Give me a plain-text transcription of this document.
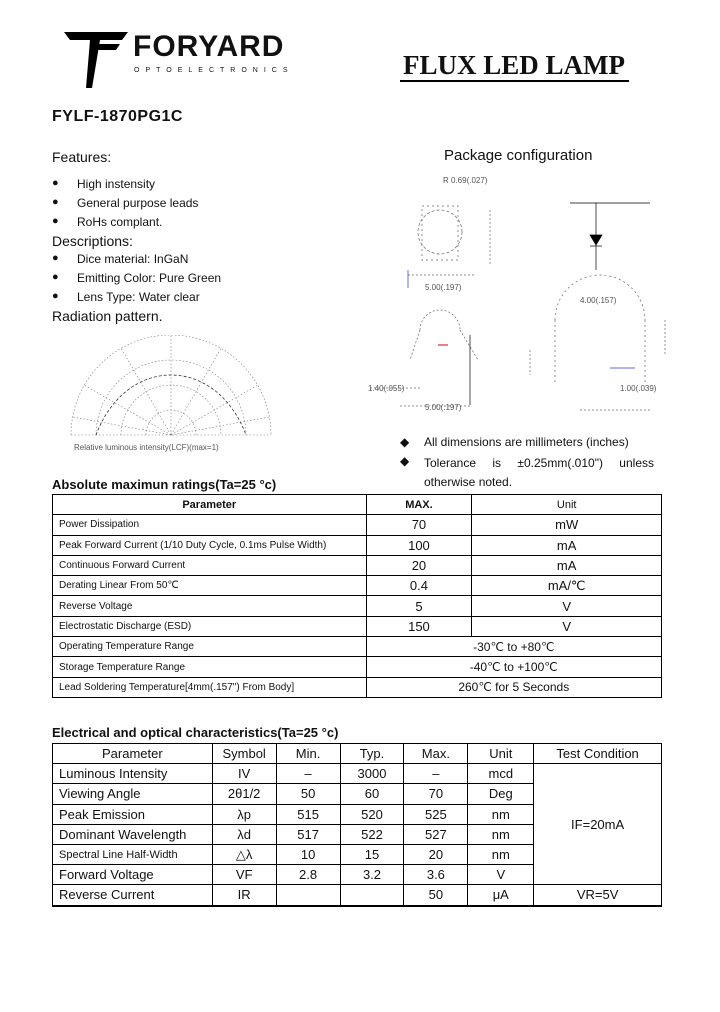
FORYARD
OPTOELECTRONICS	FLUX LED LAMP
FYLF-1870PG1C
Features:
● High instensity
● General purpose leads
● RoHs complant.
Descriptions:
● Dice material: InGaN
● Emitting Color: Pure Green
● Lens Type: Water clear
Radiation pattern.
Relative luminous intensity(LCF)(max=1)
Package configuration
R 0.69(.027)
5.00(.197)
4.00(.157)
1.40(.055)	1.00(.039)
5.00(.197)
◆ All dimensions are millimeters (inches)
◆ Tolerance is ±0.25mm(.010") unless otherwise noted.
Absolute maximun ratings(Ta=25 °c)
Parameter	MAX.	Unit
Power Dissipation	70	mW
Peak Forward Current (1/10 Duty Cycle, 0.1ms Pulse Width)	100	mA
Continuous Forward Current	20	mA
Derating Linear From 50℃	0.4	mA/℃
Reverse Voltage	5	V
Electrostatic Discharge (ESD)	150	V
Operating Temperature Range	-30℃ to +80℃	
Storage Temperature Range	-40℃ to +100℃	
Lead Soldering Temperature[4mm(.157") From Body]	260℃ for 5 Seconds	
Electrical and optical characteristics(Ta=25 °c)
Parameter	Symbol	Min.	Typ.	Max.	Unit	Test Condition
Luminous Intensity	IV	–	3000	–	mcd	IF=20mA
Viewing Angle	2θ1/2	50	60	70	Deg	
Peak Emission	λp	515	520	525	nm	
Dominant Wavelength	λd	517	522	527	nm	
Spectral Line Half-Width	△λ	10	15	20	nm	
Forward Voltage	VF	2.8	3.2	3.6	V	
Reverse Current	IR			50	μA	VR=5V
